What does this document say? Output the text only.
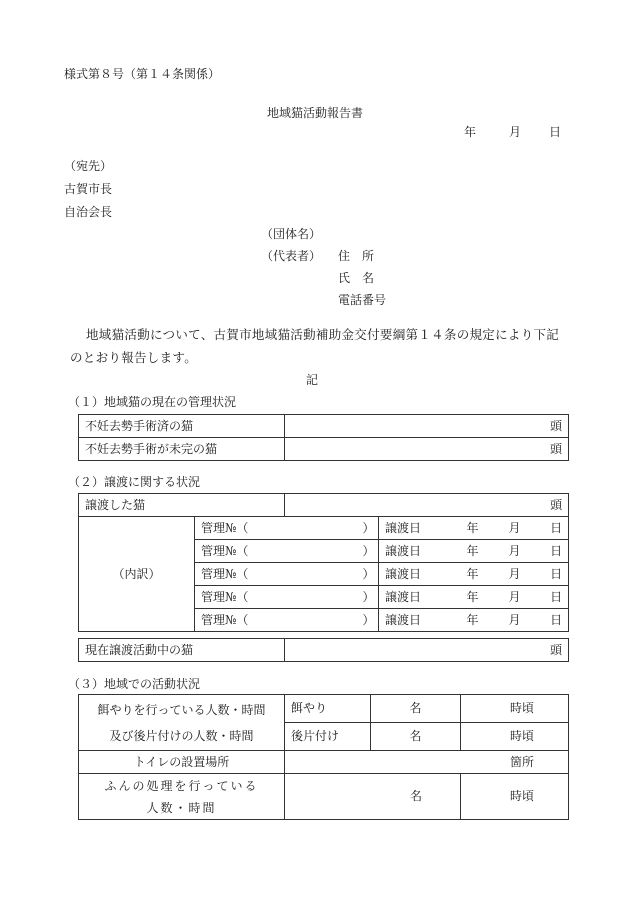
様式第８号（第１４条関係）
地域猫活動報告書
年	月 日
（宛先）
古賀市長
自治会長
（団体名）
（代表者） 住　所
氏　名
電話番号
地域猫活動について、古賀市地域猫活動補助金交付要綱第１４条の規定により下記のとおり報告します。
記
（１）地域猫の現在の管理状況
不妊去勢手術済の猫	頭
不妊去勢手術が未完の猫	頭
（２）譲渡に関する状況
譲渡した猫		頭					
（内訳）	管理№（		）	譲渡日	年	月	日
	管理№（		）	譲渡日	年	月	日
	管理№（		）	譲渡日	年	月	日
	管理№（		）	譲渡日	年	月	日
	管理№（		）	譲渡日	年	月	日
現在譲渡活動中の猫	頭
（３）地域での活動状況
餌やりを行っている人数・時間
及び後片付けの人数・時間	餌やり	名	時頃
	後片付け	名	時頃
トイレの設置場所	箇所		

ふんの処理を行っている
人数・時間	名		時頃
